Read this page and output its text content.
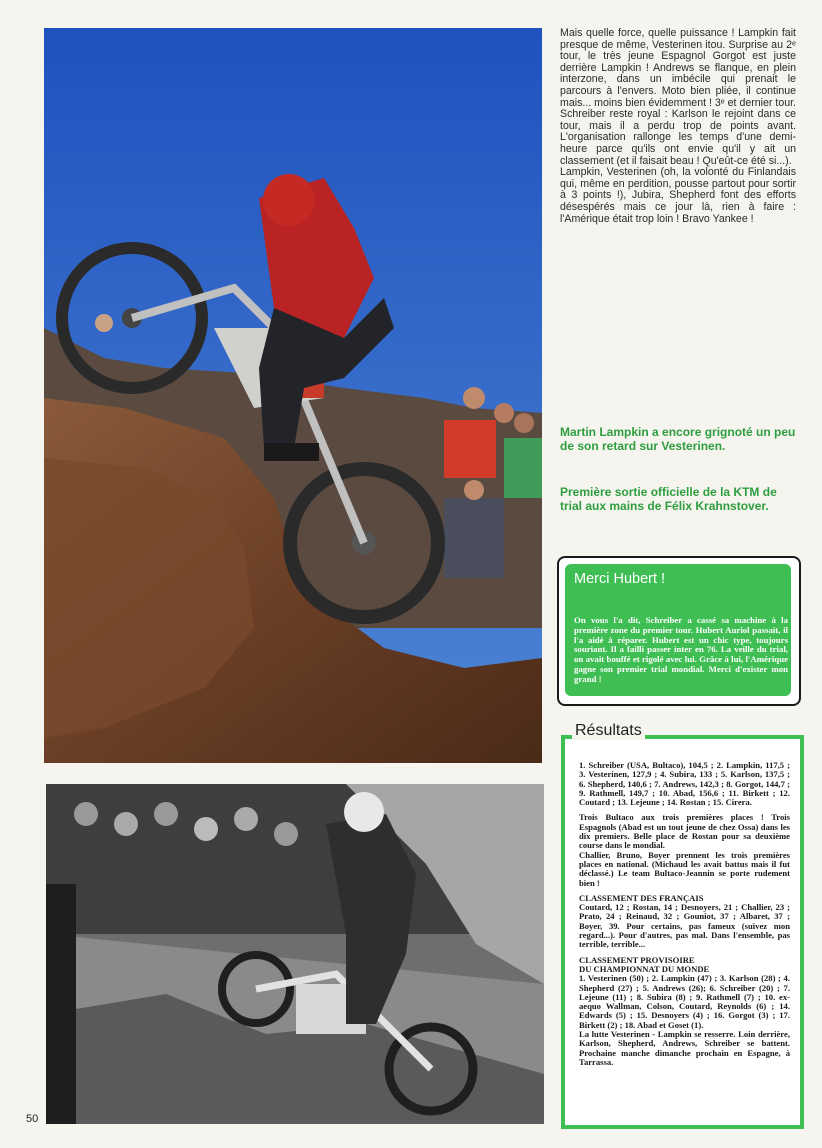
Mais quelle force, quelle puissance ! Lampkin fait presque de même, Vesterinen itou. Surprise au 2ᵉ tour, le très jeune Espagnol Gorgot est juste derrière Lampkin ! Andrews se flanque, en plein interzone, dans un imbécile qui prenait le parcours à l'envers. Moto bien pliée, il continue mais... moins bien évidemment ! 3ᵉ et dernier tour. Schreiber reste royal : Karlson le rejoint dans ce tour, mais il a perdu trop de points avant. L'organisation rallonge les temps d'une demi-heure parce qu'ils ont envie qu'il y ait un classement (et il faisait beau ! Qu'eût-ce été si...).

Lampkin, Vesterinen (oh, la volonté du Finlandais qui, même en perdition, pousse partout pour sortir à 3 points !), Jubira, Shepherd font des efforts désespérés mais ce jour là, rien à faire : l'Amérique était trop loin ! Bravo Yankee !

Martin Lampkin a encore grignoté un peu de son retard sur Vesterinen.
Première sortie officielle de la KTM de trial aux mains de Félix Krahnstover.
Merci Hubert !
On vous l'a dit, Schreiber a cassé sa machine à la première zone du premier tour. Hubert Auriol passait, il l'a aidé à réparer. Hubert est un chic type, toujours souriant. Il a failli passer inter en 76. La veille du trial, on avait bouffé et rigolé avec lui. Grâce à lui, l'Amérique gagne son premier trial mondial. Merci d'exister mon grand !

1. Schreiber (USA, Bultaco), 104,5 ; 2. Lampkin, 117,5 ; 3. Vesterinen, 127,9 ; 4. Subira, 133 ; 5. Karlson, 137,5 ; 6. Shepherd, 140,6 ; 7. Andrews, 142,3 ; 8. Gorgot, 144,7 ; 9. Rathmell, 149,7 ; 10. Abad, 156,6 ; 11. Birkett ; 12. Coutard ; 13. Lejeune ; 14. Rostan ; 15. Cirera.

Trois Bultaco aux trois premières places ! Trois Espagnols (Abad est un tout jeune de chez Ossa) dans les dix premiers. Belle place de Rostan pour sa deuxième course dans le mondial.
Challier, Bruno, Boyer prennent les trois premières places en national. (Michaud les avait battus mais il fut déclassé.) Le team Bultaco-Jeannin se porte rudement bien !

CLASSEMENT DES FRANÇAIS
Coutard, 12 ; Rostan, 14 ; Desnoyers, 21 ; Challier, 23 ; Prato, 24 ; Reinaud, 32 ; Gouniot, 37 ; Albaret, 37 ; Boyer, 39. Pour certains, pas fameux (suivez mon regard...). Pour d'autres, pas mal. Dans l'ensemble, pas terrible, terrible...

CLASSEMENT PROVISOIRE
DU CHAMPIONNAT DU MONDE
1. Vesterinen (50) ; 2. Lampkin (47) ; 3. Karlson (28) ; 4. Shepherd (27) ; 5. Andrews (26); 6. Schreiber (20) ; 7. Lejeune (11) ; 8. Subira (8) ; 9. Rathmell (7) ; 10. ex-aequo Wallman, Colson, Coutard, Reynolds (6) ; 14. Edwards (5) ; 15. Desnoyers (4) ; 16. Gorgot (3) ; 17. Birkett (2) ; 18. Abad et Goset (1).
La lutte Vesterinen - Lampkin se resserre. Loin derrière, Karlson, Shepherd, Andrews, Schreiber se battent. Prochaine manche dimanche prochain en Espagne, à Tarrassa.

Résultats
50
